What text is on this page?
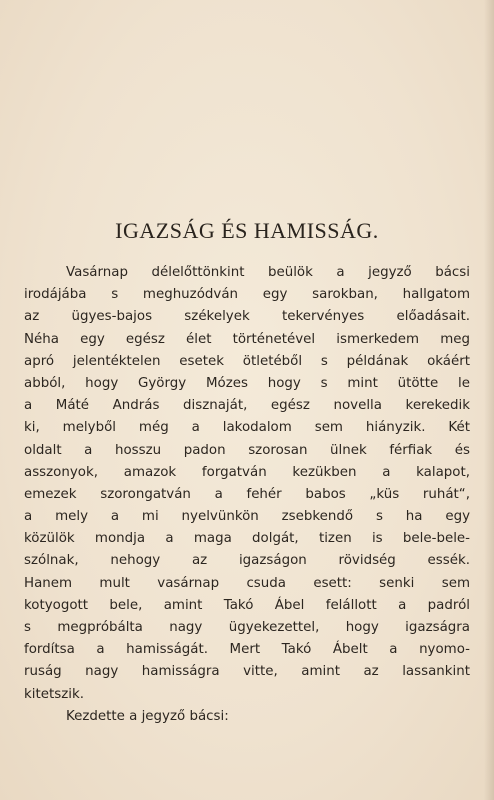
IGAZSÁG ÉS HAMISSÁG.
Vasárnap délelőttönkint beülök a jegyző bácsi
irodájába s meghuzódván egy sarokban, hallgatom
az ügyes-bajos székelyek tekervényes előadásait.
Néha egy egész élet történetével ismerkedem meg
apró jelentéktelen esetek ötletéből s példának okáért
abból, hogy György Mózes hogy s mint ütötte le
a Máté András disznaját, egész novella kerekedik
ki, melyből még a lakodalom sem hiányzik. Két
oldalt a hosszu padon szorosan ülnek férfiak és
asszonyok, amazok forgatván kezükben a kalapot,
emezek szorongatván a fehér babos „küs ruhát“,
a mely a mi nyelvünkön zsebkendő s ha egy
közülök mondja a maga dolgát, tizen is bele-bele-
szólnak, nehogy az igazságon rövidség essék.
Hanem mult vasárnap csuda esett: senki sem
kotyogott bele, amint Takó Ábel felállott a padról
s megpróbálta nagy ügyekezettel, hogy igazságra
fordítsa a hamisságát. Mert Takó Ábelt a nyomo-
ruság nagy hamisságra vitte, amint az lassankint
kitetszik.
Kezdette a jegyző bácsi:
